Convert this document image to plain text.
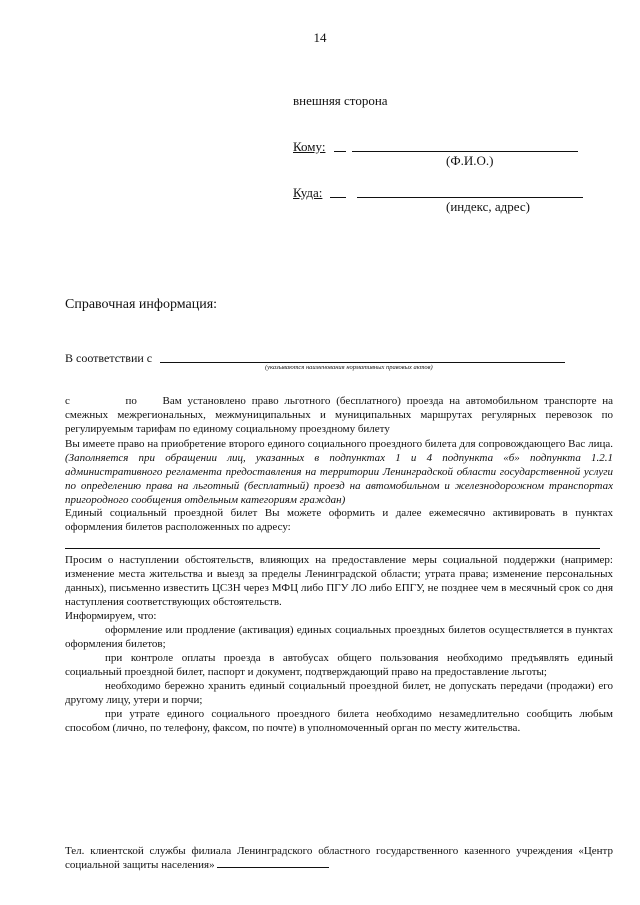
14
внешняя сторона
Кому:
(Ф.И.О.)
Куда:
(индекс, адрес)
Справочная информация:
В соответствии с
(указываются наименования нормативных правовых актов)
с	по Вам установлено право льготного (бесплатного) проезда на автомобильном транспорте на смежных межрегиональных, межмуниципальных и муниципальных маршрутах регулярных перевозок по регулируемым тарифам по единому социальному проездному билету
Вы имеете право на приобретение второго единого социального проездного билета для сопровождающего Вас лица. (Заполняется при обращении лиц, указанных в подпунктах 1 и 4 подпункта «б» подпункта 1.2.1 административного регламента предоставления на территории Ленинградской области государственной услуги по определению права на льготный (бесплатный) проезд на автомобильном и железнодорожном транспортах пригородного сообщения отдельным категориям граждан)
Единый социальный проездной билет Вы можете оформить и далее ежемесячно активировать в пунктах оформления билетов расположенных по адресу:
Просим о наступлении обстоятельств, влияющих на предоставление меры социальной поддержки (например: изменение места жительства и выезд за пределы Ленинградской области; утрата права; изменение персональных данных), письменно известить ЦСЗН через МФЦ либо ПГУ ЛО либо ЕПГУ, не позднее чем в месячный срок со дня наступления соответствующих обстоятельств.
Информируем, что:
оформление или продление (активация) единых социальных проездных билетов осуществляется в пунктах оформления билетов;
при контроле оплаты проезда в автобусах общего пользования необходимо предъявлять единый социальный проездной билет, паспорт и документ, подтверждающий право на предоставление льготы;
необходимо бережно хранить единый социальный проездной билет, не допускать передачи (продажи) его другому лицу, утери и порчи;
при утрате единого социального проездного билета необходимо незамедлительно сообщить любым способом (лично, по телефону, факсом, по почте) в уполномоченный орган по месту жительства.
Тел. клиентской службы филиала Ленинградского областного государственного казенного учреждения «Центр социальной защиты населения»
